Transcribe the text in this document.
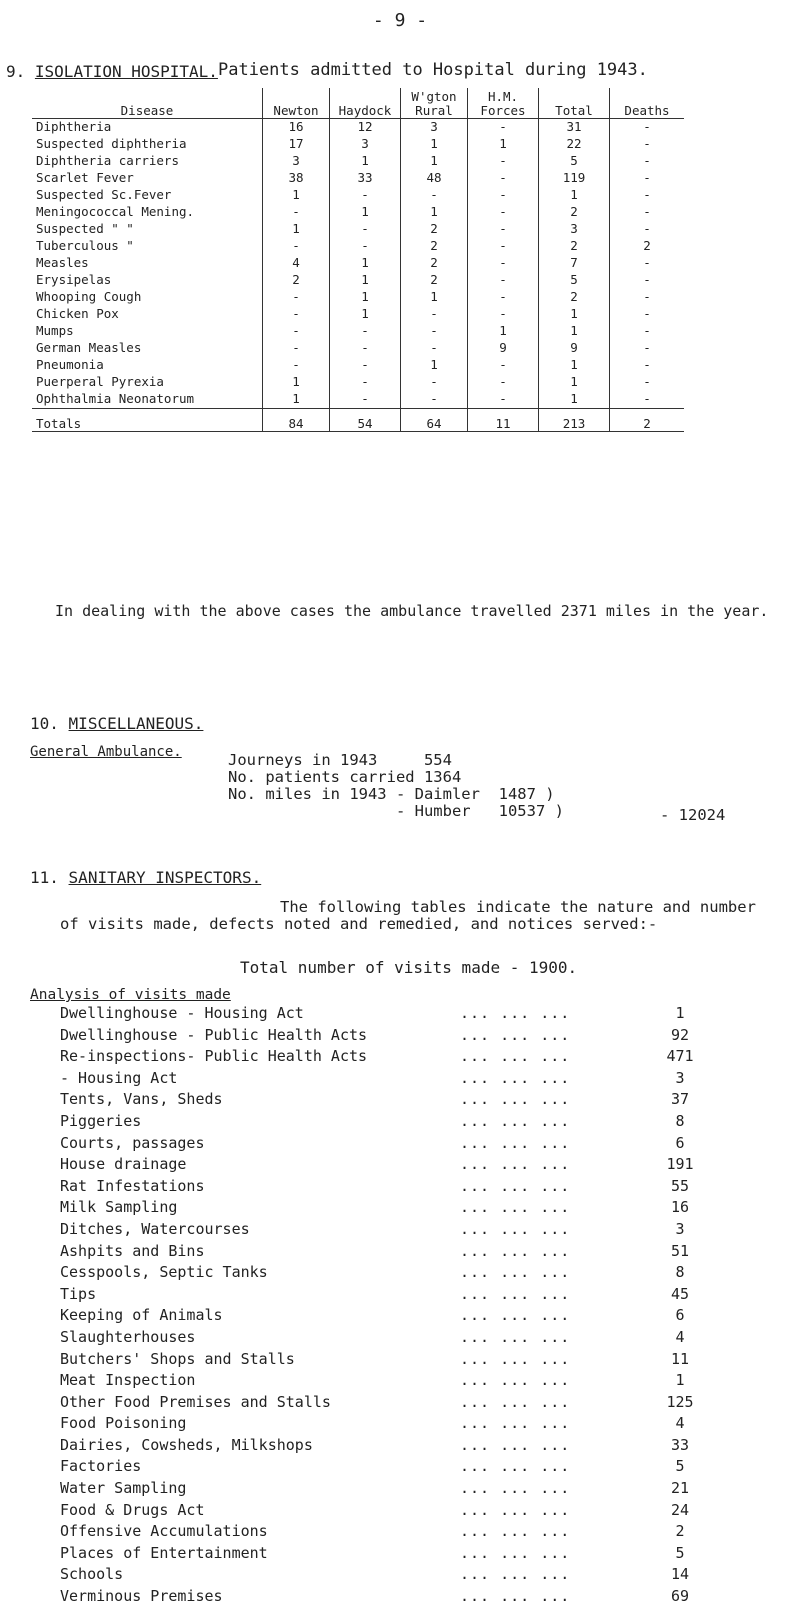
- 9 -
9. ISOLATION HOSPITAL. Patients admitted to Hospital during 1943.
Disease	Newton	Haydock	W'gton Rural	H.M. Forces	Total	Deaths
Diphtheria	16	12	3	-	31	-
Suspected diphtheria	17	3	1	1	22	-
Diphtheria carriers	3	1	1	-	5	-
Scarlet Fever	38	33	48	-	119	-
Suspected Sc.Fever	1	-	-	-	1	-
Meningococcal Mening.	-	1	1	-	2	-
Suspected " "	1	-	2	-	3	-
Tuberculous "	-	-	2	-	2	2
Measles	4	1	2	-	7	-
Erysipelas	2	1	2	-	5	-
Whooping Cough	-	1	1	-	2	-
Chicken Pox	-	1	-	-	1	-
Mumps	-	-	-	1	1	-
German Measles	-	-	-	9	9	-
Pneumonia	-	-	1	-	1	-
Puerperal Pyrexia	1	-	-	-	1	-
Ophthalmia Neonatorum	1	-	-	-	1	-
Totals	84	54	64	11	213	2
In dealing with the above cases the ambulance travelled 2371 miles in the year.
10. MISCELLANEOUS.
General Ambulance.	Journeys in 1943     554
No. patients carried 1364
No. miles in 1943 - Daimler  1487 )
- Humber   10537 )	- 12024
11. SANITARY INSPECTORS.
The following tables indicate the nature and number of visits made, defects noted and remedied, and notices served:-
Total number of visits made - 1900.
Analysis of visits made
Dwellinghouse - Housing Act	... ... ...	1
Dwellinghouse - Public Health Acts	... ... ...	92
Re-inspections- Public Health Acts	... ... ...	471
- Housing Act	... ... ...	3
Tents, Vans, Sheds	... ... ...	37
Piggeries	... ... ...	8
Courts, passages	... ... ...	6
House drainage	... ... ...	191
Rat Infestations	... ... ...	55
Milk Sampling	... ... ...	16
Ditches, Watercourses	... ... ...	3
Ashpits and Bins	... ... ...	51
Cesspools, Septic Tanks	... ... ...	8
Tips	... ... ...	45
Keeping of Animals	... ... ...	6
Slaughterhouses	... ... ...	4
Butchers' Shops and Stalls	... ... ...	11
Meat Inspection	... ... ...	1
Other Food Premises and Stalls	... ... ...	125
Food Poisoning	... ... ...	4
Dairies, Cowsheds, Milkshops	... ... ...	33
Factories	... ... ...	5
Water Sampling	... ... ...	21
Food & Drugs Act	... ... ...	24
Offensive Accumulations	... ... ...	2
Places of Entertainment	... ... ...	5
Schools	... ... ...	14
Verminous Premises	... ... ...	69
